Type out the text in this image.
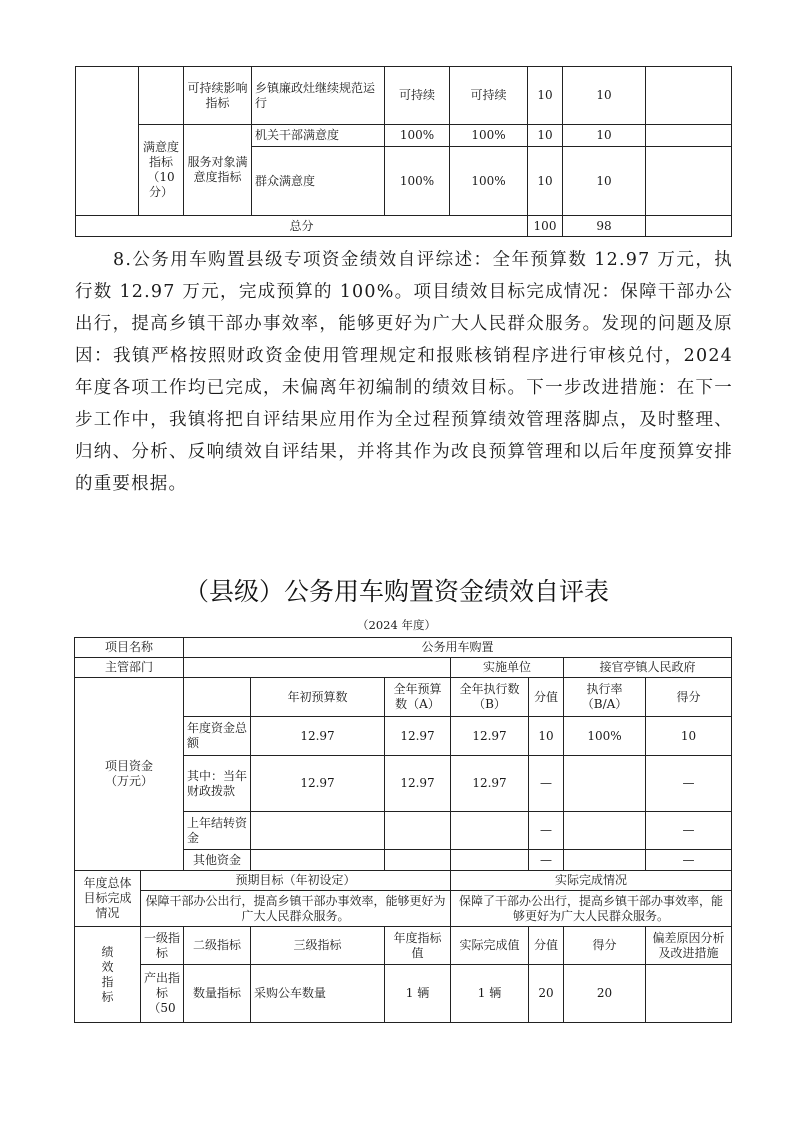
		可持续影响指标	乡镇廉政灶继续规范运行	可持续	可持续	10	10	
	满意度指标（10分）	服务对象满意度指标	机关干部满意度	100%	100%	10	10	
			群众满意度	100%	100%	10	10	
总分						100	98	
8.公务用车购置县级专项资金绩效自评综述：全年预算数 12.97 万元，执行数 12.97 万元，完成预算的 100%。项目绩效目标完成情况：保障干部办公出行，提高乡镇干部办事效率，能够更好为广大人民群众服务。发现的问题及原因：我镇严格按照财政资金使用管理规定和报账核销程序进行审核兑付，2024 年度各项工作均已完成，未偏离年初编制的绩效目标。下一步改进措施：在下一步工作中，我镇将把自评结果应用作为全过程预算绩效管理落脚点，及时整理、归纳、分析、反响绩效自评结果，并将其作为改良预算管理和以后年度预算安排的重要根据。
（县级）公务用车购置资金绩效自评表
（2024 年度）
项目名称		公务用车购置						
主管部门					实施单位		接官亭镇人民政府	
项目资金（万元）			年初预算数	全年预算数（A）	全年执行数（B）	分值	执行率（B/A）	得分
		年度资金总额	12.97	12.97	12.97	10	100%	10
		其中：当年财政拨款	12.97	12.97	12.97	—		—
		上年结转资金				—		—
		其他资金				—		—
年度总体目标完成情况	预期目标（年初设定）				实际完成情况			
	保障干部办公出行，提高乡镇干部办事效率，能够更好为广大人民群众服务。				保障了干部办公出行，提高乡镇干部办事效率，能够更好为广大人民群众服务。			
绩效指标	一级指标	二级指标	三级指标	年度指标值	实际完成值	分值	得分	偏差原因分析及改进措施
	产出指标（50	数量指标	采购公车数量	1 辆	1 辆	20	20	
